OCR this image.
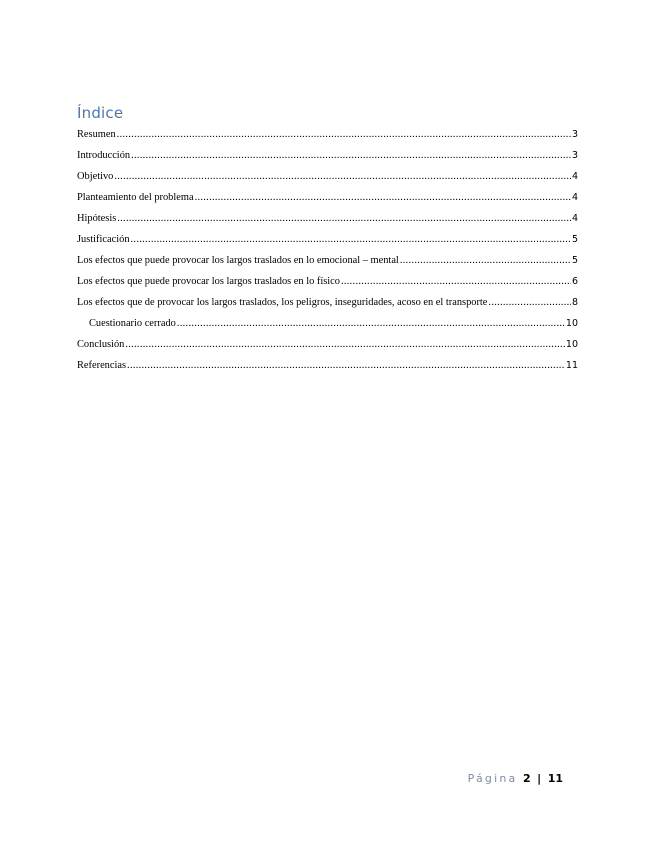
Índice
Resumen .....	3
Introducción .....	3
Objetivo .....	4
Planteamiento del problema .....	4
Hipótesis .....	4
Justificación .....	5
Los efectos que puede provocar los largos traslados en lo emocional – mental .....	5
Los efectos que puede provocar los largos traslados en lo físico .....	6
Los efectos que de provocar los largos traslados, los peligros, inseguridades, acoso en el transporte .....	8
Cuestionario cerrado .....	10
Conclusión .....	10
Referencias .....	11
Página 2 | 11
